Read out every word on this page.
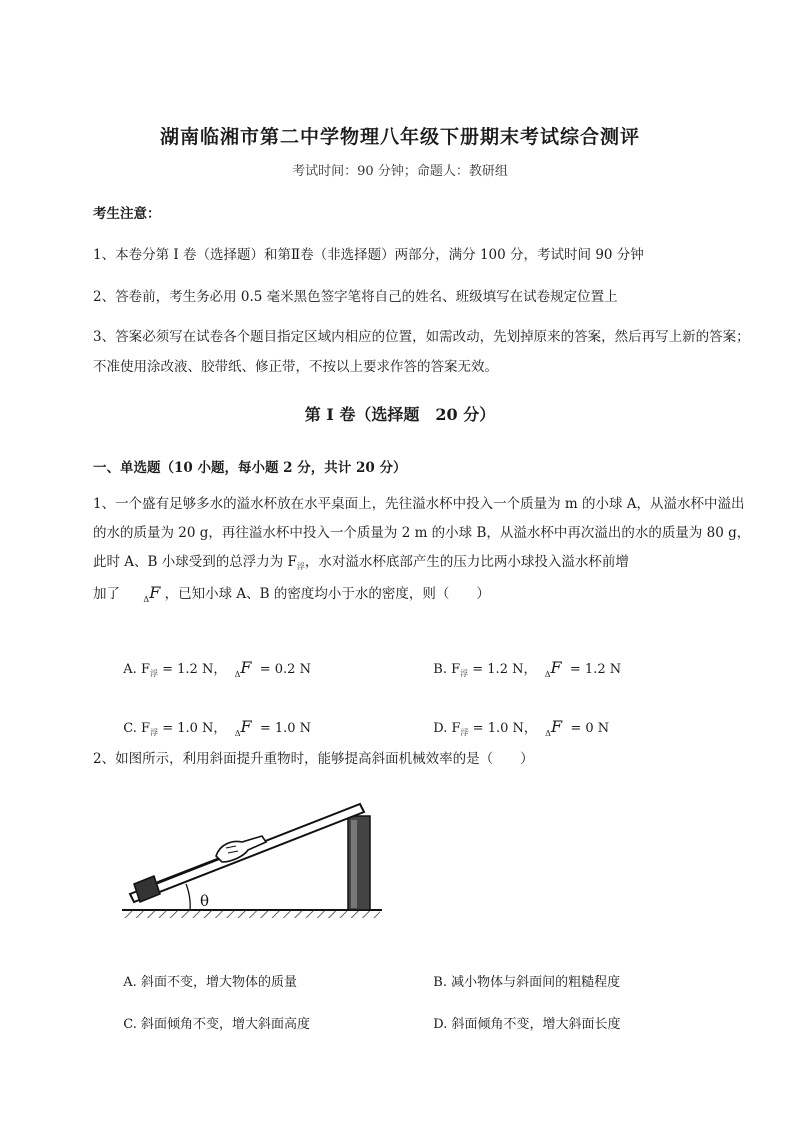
湖南临湘市第二中学物理八年级下册期末考试综合测评
考试时间：90 分钟；命题人：教研组
考生注意：
1、本卷分第 I 卷（选择题）和第Ⅱ卷（非选择题）两部分，满分 100 分，考试时间 90 分钟
2、答卷前，考生务必用 0.5 毫米黑色签字笔将自己的姓名、班级填写在试卷规定位置上
3、答案必须写在试卷各个题目指定区域内相应的位置，如需改动，先划掉原来的答案，然后再写上新的答案；不准使用涂改液、胶带纸、修正带，不按以上要求作答的答案无效。
第 I 卷（选择题　20 分）
一、单选题（10 小题，每小题 2 分，共计 20 分）
1、一个盛有足够多水的溢水杯放在水平桌面上，先往溢水杯中投入一个质量为 m 的小球 A，从溢水杯中溢出的水的质量为 20 g，再往溢水杯中投入一个质量为 2 m 的小球 B，从溢水杯中再次溢出的水的质量为 80 g，此时 A、B 小球受到的总浮力为 $F_浮$，水对溢水杯底部产生的压力比两小球投入溢水杯前增
加了	$_\Delta$F ，已知小球 A、B 的密度均小于水的密度，则（　　）

A. $F_浮 = 1.2$ N， $_\Delta$F = 0.2 N	B. $F_浮 = 1.2$ N， $_\Delta$F = 1.2 N

C. $F_浮 = 1.0$ N， $_\Delta$F = 1.0 N	D. $F_浮 = 1.0$ N， $_\Delta$F = 0 N

2、如图所示，利用斜面提升重物时，能够提高斜面机械效率的是（　　）
θ

A. 斜面不变，增大物体的质量	B. 减小物体与斜面间的粗糙程度

C. 斜面倾角不变，增大斜面高度	D. 斜面倾角不变，增大斜面长度
